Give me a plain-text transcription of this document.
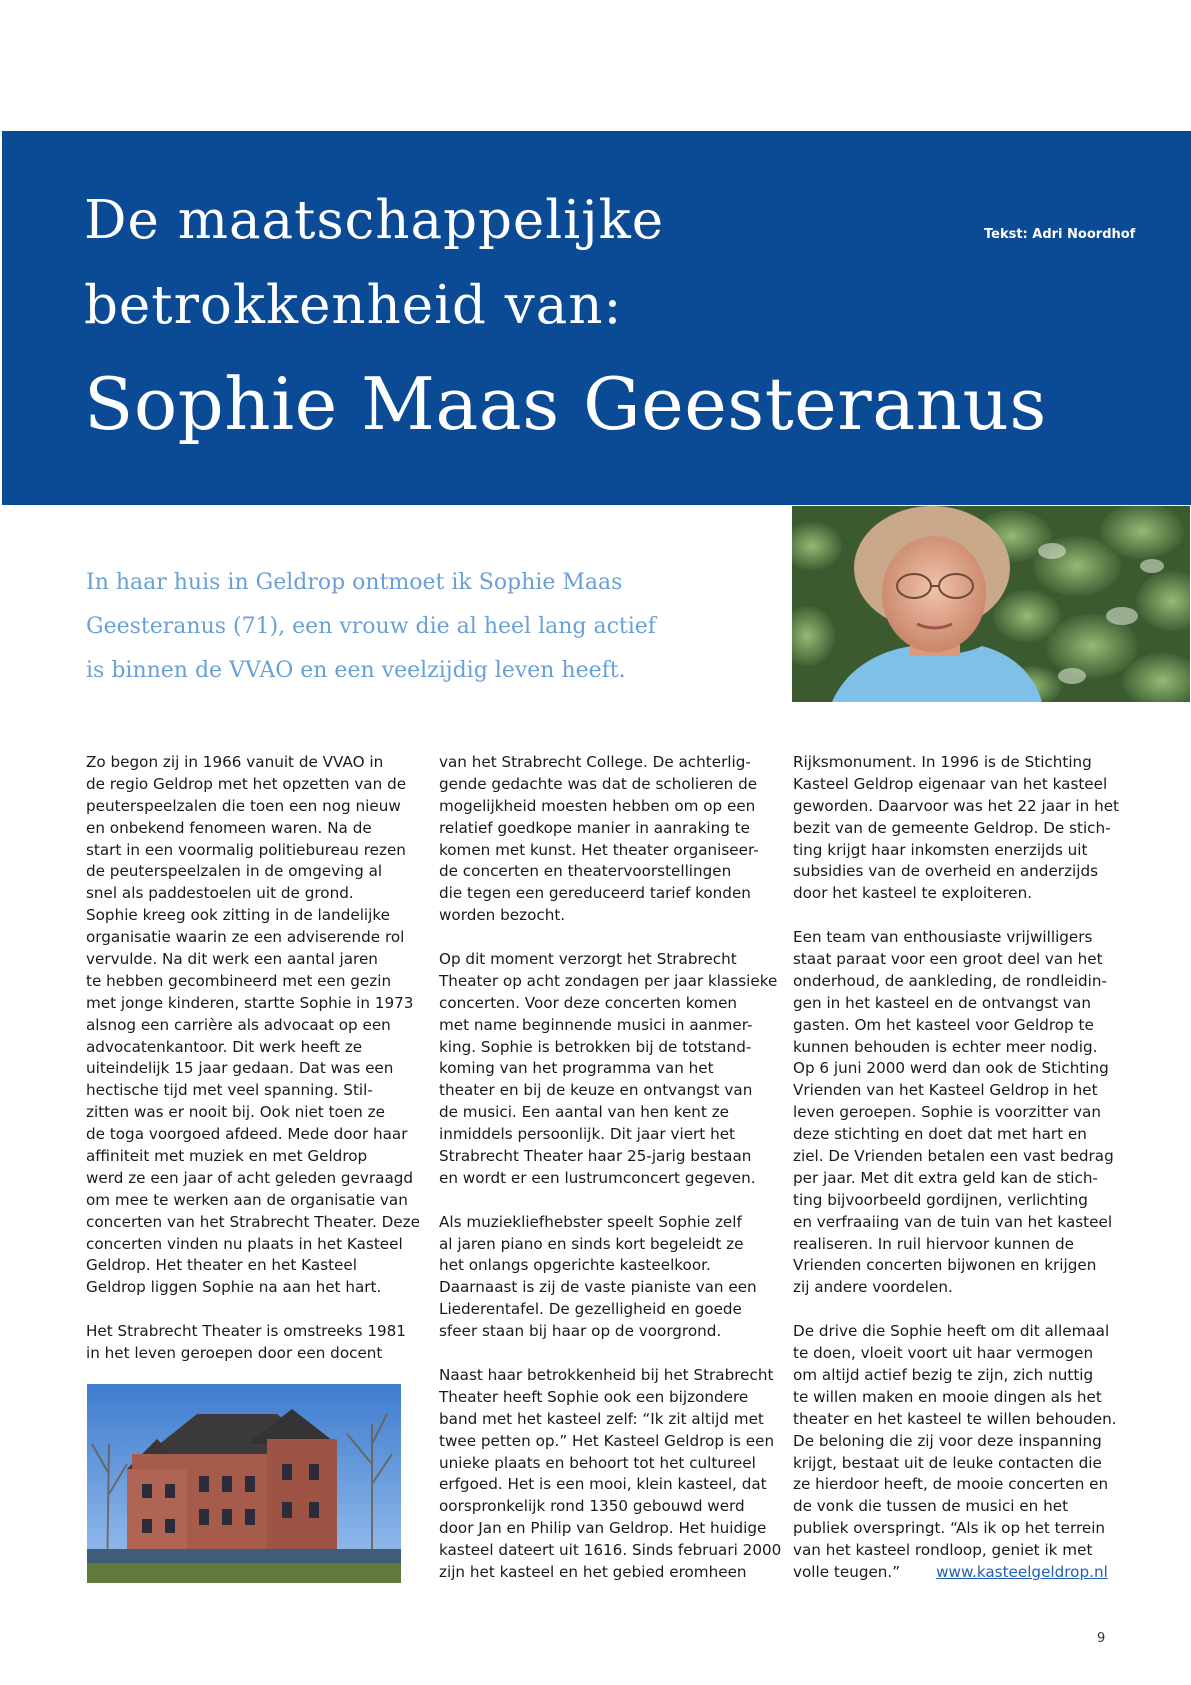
De maatschappelijke
betrokkenheid van:
Sophie Maas Geesteranus
Tekst: Adri Noordhof
In haar huis in Geldrop ontmoet ik Sophie Maas
Geesteranus (71), een vrouw die al heel lang actief
is binnen de VVAO en een veelzijdig leven heeft.
Zo begon zij in 1966 vanuit de VVAO in
de regio Geldrop met het opzetten van de
peuterspeelzalen die toen een nog nieuw
en onbekend fenomeen waren. Na de
start in een voormalig politiebureau rezen
de peuterspeelzalen in de omgeving al
snel als paddestoelen uit de grond.
Sophie kreeg ook zitting in de landelijke
organisatie waarin ze een adviserende rol
vervulde. Na dit werk een aantal jaren
te hebben gecombineerd met een gezin
met jonge kinderen, startte Sophie in 1973
alsnog een carrière als advocaat op een
advocatenkantoor. Dit werk heeft ze
uiteindelijk 15 jaar gedaan. Dat was een
hectische tijd met veel spanning. Stil-
zitten was er nooit bij. Ook niet toen ze
de toga voorgoed afdeed. Mede door haar
affiniteit met muziek en met Geldrop
werd ze een jaar of acht geleden gevraagd
om mee te werken aan de organisatie van
concerten van het Strabrecht Theater. Deze
concerten vinden nu plaats in het Kasteel
Geldrop. Het theater en het Kasteel
Geldrop liggen Sophie na aan het hart.
Het Strabrecht Theater is omstreeks 1981
in het leven geroepen door een docent
van het Strabrecht College. De achterlig-
gende gedachte was dat de scholieren de
mogelijkheid moesten hebben om op een
relatief goedkope manier in aanraking te
komen met kunst. Het theater organiseer-
de concerten en theatervoorstellingen
die tegen een gereduceerd tarief konden
worden bezocht.
Op dit moment verzorgt het Strabrecht
Theater op acht zondagen per jaar klassieke
concerten. Voor deze concerten komen
met name beginnende musici in aanmer-
king. Sophie is betrokken bij de totstand-
koming van het programma van het
theater en bij de keuze en ontvangst van
de musici. Een aantal van hen kent ze
inmiddels persoonlijk. Dit jaar viert het
Strabrecht Theater haar 25-jarig bestaan
en wordt er een lustrumconcert gegeven.
Als muziekliefhebster speelt Sophie zelf
al jaren piano en sinds kort begeleidt ze
het onlangs opgerichte kasteelkoor.
Daarnaast is zij de vaste pianiste van een
Liederentafel. De gezelligheid en goede
sfeer staan bij haar op de voorgrond.
Naast haar betrokkenheid bij het Strabrecht
Theater heeft Sophie ook een bijzondere
band met het kasteel zelf: “Ik zit altijd met
twee petten op.” Het Kasteel Geldrop is een
unieke plaats en behoort tot het cultureel
erfgoed. Het is een mooi, klein kasteel, dat
oorspronkelijk rond 1350 gebouwd werd
door Jan en Philip van Geldrop. Het huidige
kasteel dateert uit 1616. Sinds februari 2000
zijn het kasteel en het gebied eromheen
Rijksmonument. In 1996 is de Stichting
Kasteel Geldrop eigenaar van het kasteel
geworden. Daarvoor was het 22 jaar in het
bezit van de gemeente Geldrop. De stich-
ting krijgt haar inkomsten enerzijds uit
subsidies van de overheid en anderzijds
door het kasteel te exploiteren.
Een team van enthousiaste vrijwilligers
staat paraat voor een groot deel van het
onderhoud, de aankleding, de rondleidin-
gen in het kasteel en de ontvangst van
gasten. Om het kasteel voor Geldrop te
kunnen behouden is echter meer nodig.
Op 6 juni 2000 werd dan ook de Stichting
Vrienden van het Kasteel Geldrop in het
leven geroepen. Sophie is voorzitter van
deze stichting en doet dat met hart en
ziel. De Vrienden betalen een vast bedrag
per jaar. Met dit extra geld kan de stich-
ting bijvoorbeeld gordijnen, verlichting
en verfraaiing van de tuin van het kasteel
realiseren. In ruil hiervoor kunnen de
Vrienden concerten bijwonen en krijgen
zij andere voordelen.
De drive die Sophie heeft om dit allemaal
te doen, vloeit voort uit haar vermogen
om altijd actief bezig te zijn, zich nuttig
te willen maken en mooie dingen als het
theater en het kasteel te willen behouden.
De beloning die zij voor deze inspanning
krijgt, bestaat uit de leuke contacten die
ze hierdoor heeft, de mooie concerten en
de vonk die tussen de musici en het
publiek overspringt. “Als ik op het terrein
van het kasteel rondloop, geniet ik met
volle teugen.” www.kasteelgeldrop.nl
9
